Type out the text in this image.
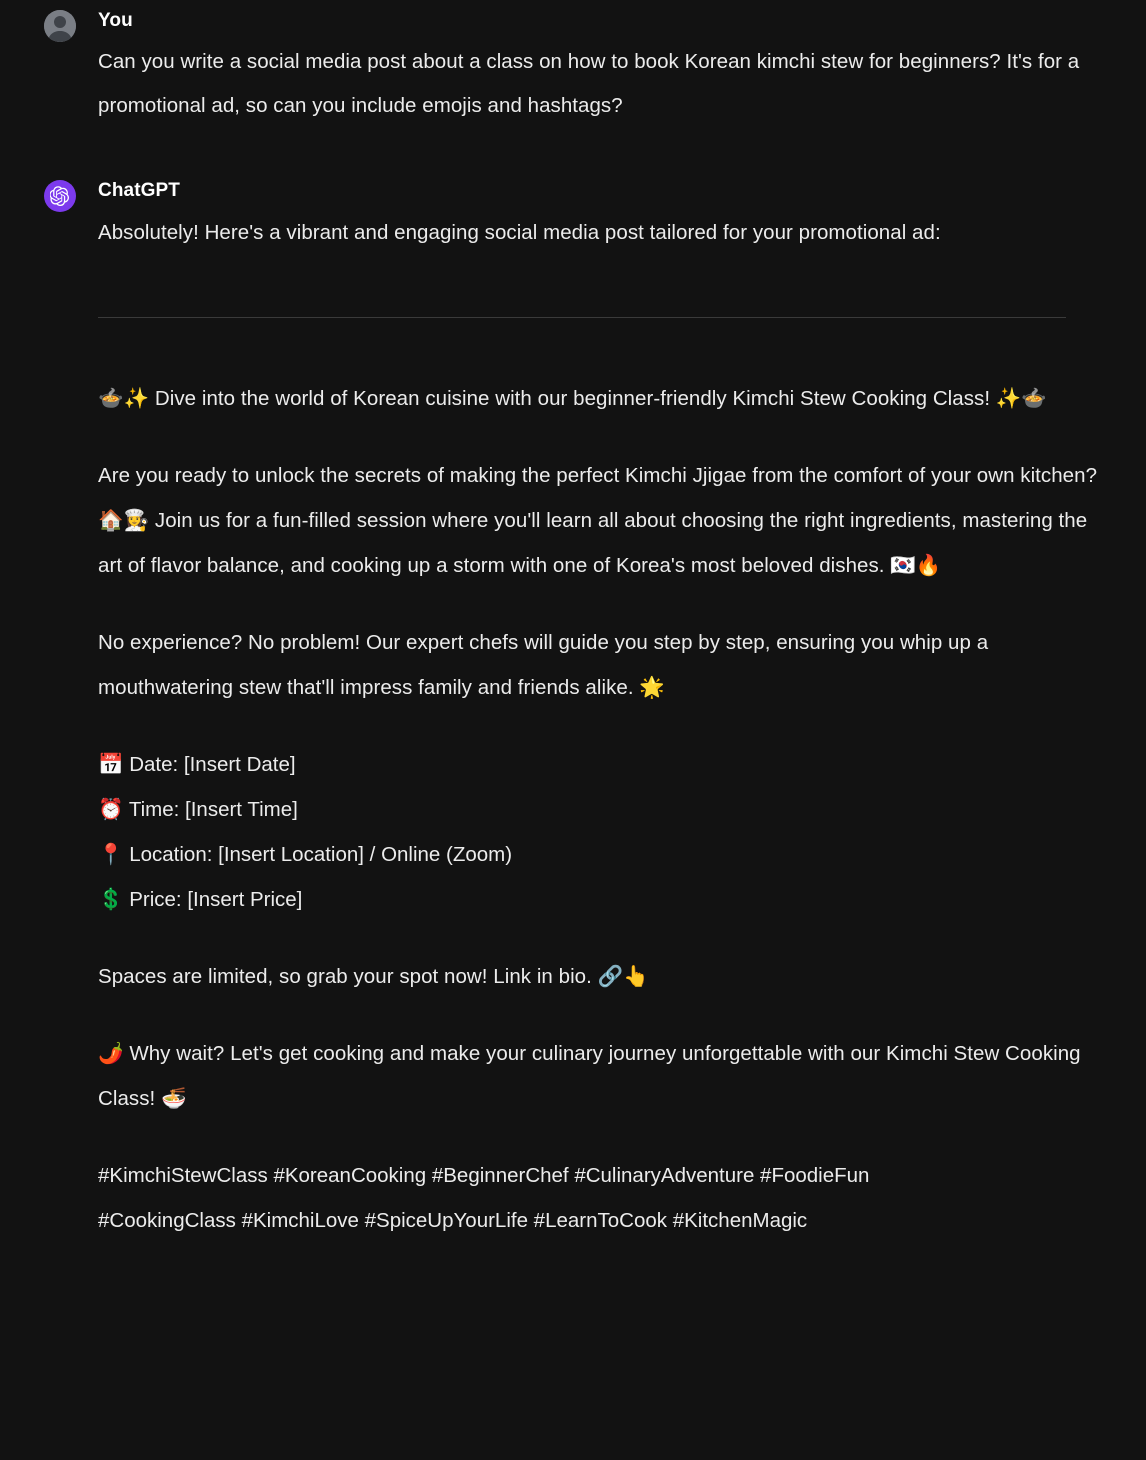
You

Can you write a social media post about a class on how to book Korean kimchi stew for beginners? It's for a promotional ad, so can you include emojis and hashtags?

ChatGPT

Absolutely! Here's a vibrant and engaging social media post tailored for your promotional ad:

🍲✨ Dive into the world of Korean cuisine with our beginner-friendly Kimchi Stew Cooking Class! ✨🍲

Are you ready to unlock the secrets of making the perfect Kimchi Jjigae from the comfort of your own kitchen? 🏠👩‍🍳 Join us for a fun-filled session where you'll learn all about choosing the right ingredients, mastering the art of flavor balance, and cooking up a storm with one of Korea's most beloved dishes. 🇰🇷🔥

No experience? No problem! Our expert chefs will guide you step by step, ensuring you whip up a mouthwatering stew that'll impress family and friends alike. 🌟

📅 Date: [Insert Date]
⏰ Time: [Insert Time]
📍 Location: [Insert Location] / Online (Zoom)
💲 Price: [Insert Price]

Spaces are limited, so grab your spot now! Link in bio. 🔗👆

🌶️ Why wait? Let's get cooking and make your culinary journey unforgettable with our Kimchi Stew Cooking Class! 🍜

#KimchiStewClass #KoreanCooking #BeginnerChef #CulinaryAdventure #FoodieFun
#CookingClass #KimchiLove #SpiceUpYourLife #LearnToCook #KitchenMagic
